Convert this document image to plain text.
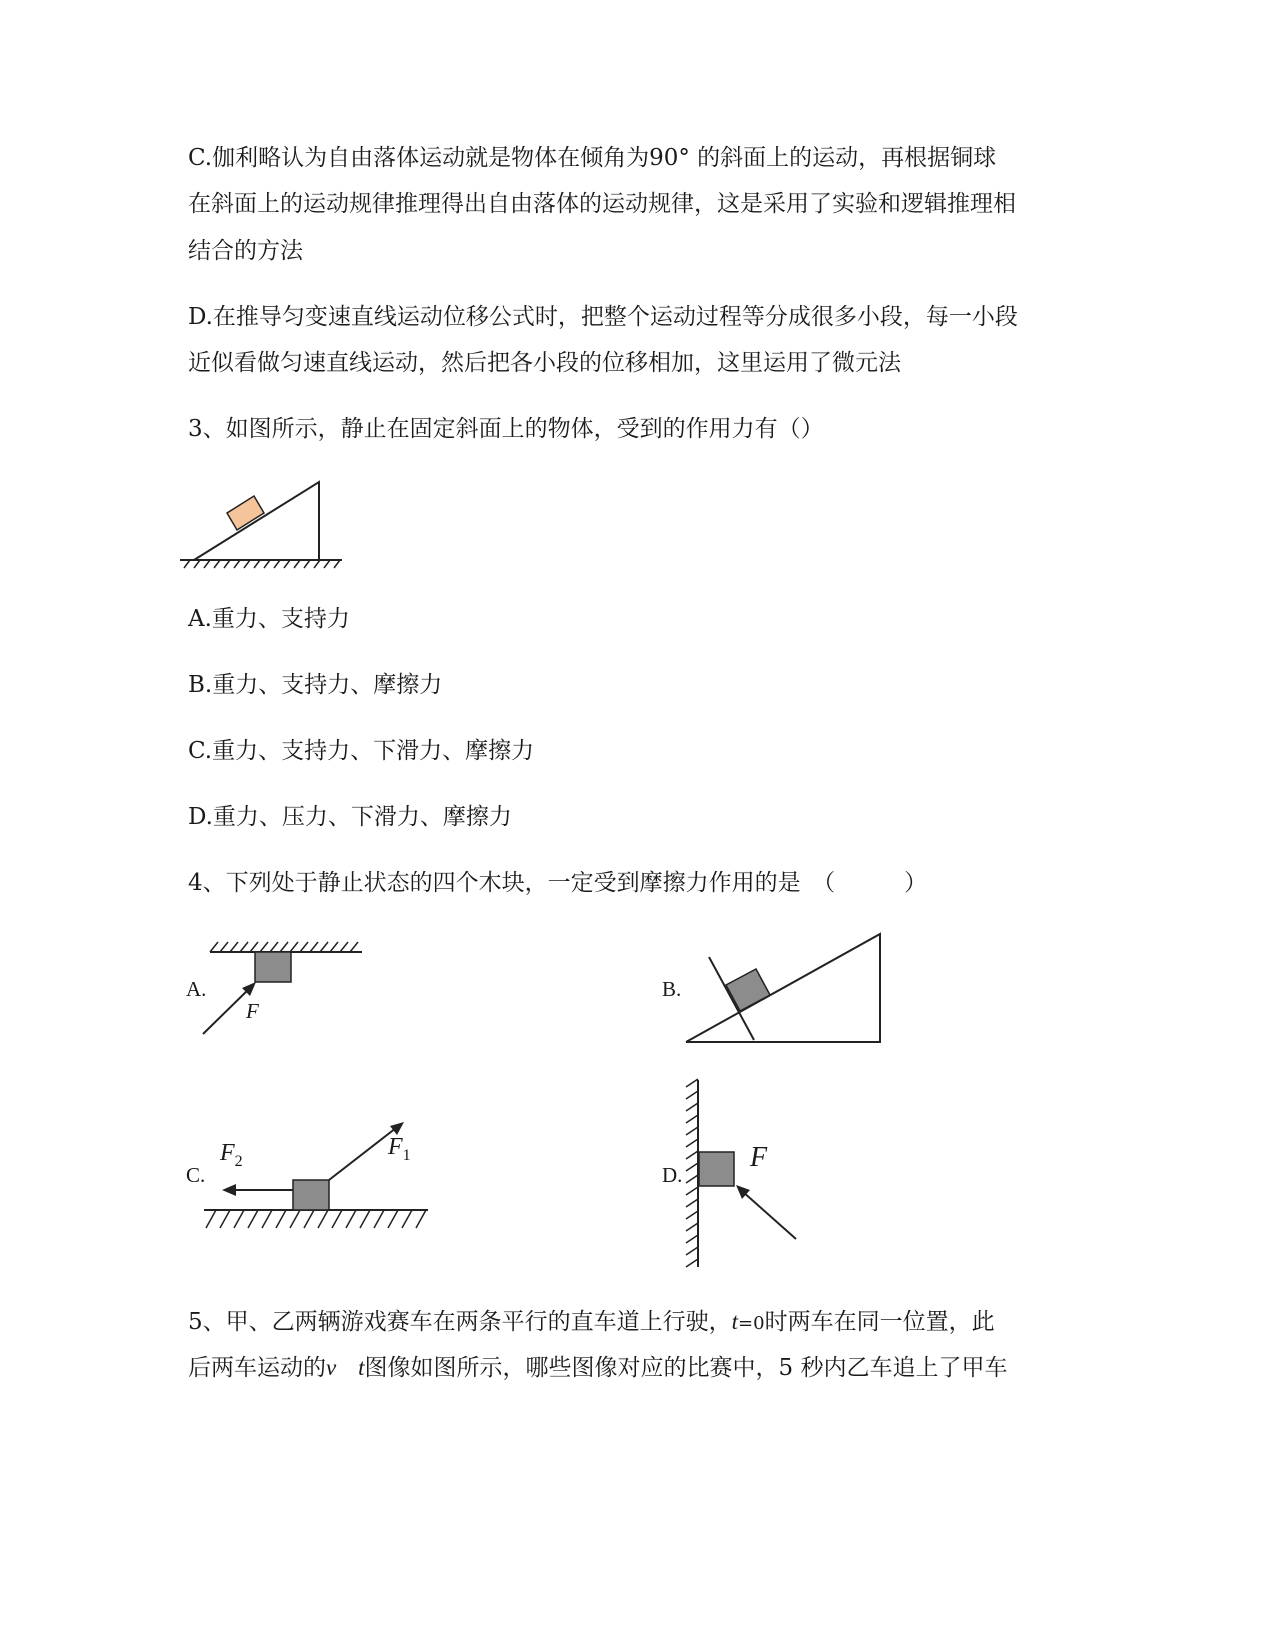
C.伽利略认为自由落体运动就是物体在倾角为90° 的斜面上的运动，再根据铜球
在斜面上的运动规律推理得出自由落体的运动规律，这是采用了实验和逻辑推理相
结合的方法
D.在推导匀变速直线运动位移公式时，把整个运动过程等分成很多小段，每一小段
近似看做匀速直线运动，然后把各小段的位移相加，这里运用了微元法
3、如图所示，静止在固定斜面上的物体，受到的作用力有（）
A.重力、支持力
B.重力、支持力、摩擦力
C.重力、支持力、下滑力、摩擦力
D.重力、压力、下滑力、摩擦力
4、下列处于静止状态的四个木块，一定受到摩擦力作用的是　（　　　）
A.
F
B.
C.
$F_2$
$F_1$
D.
F
5、甲、乙两辆游戏赛车在两条平行的直车道上行驶，t=0时两车在同一位置，此
后两车运动的v t图像如图所示，哪些图像对应的比赛中，5 秒内乙车追上了甲车
